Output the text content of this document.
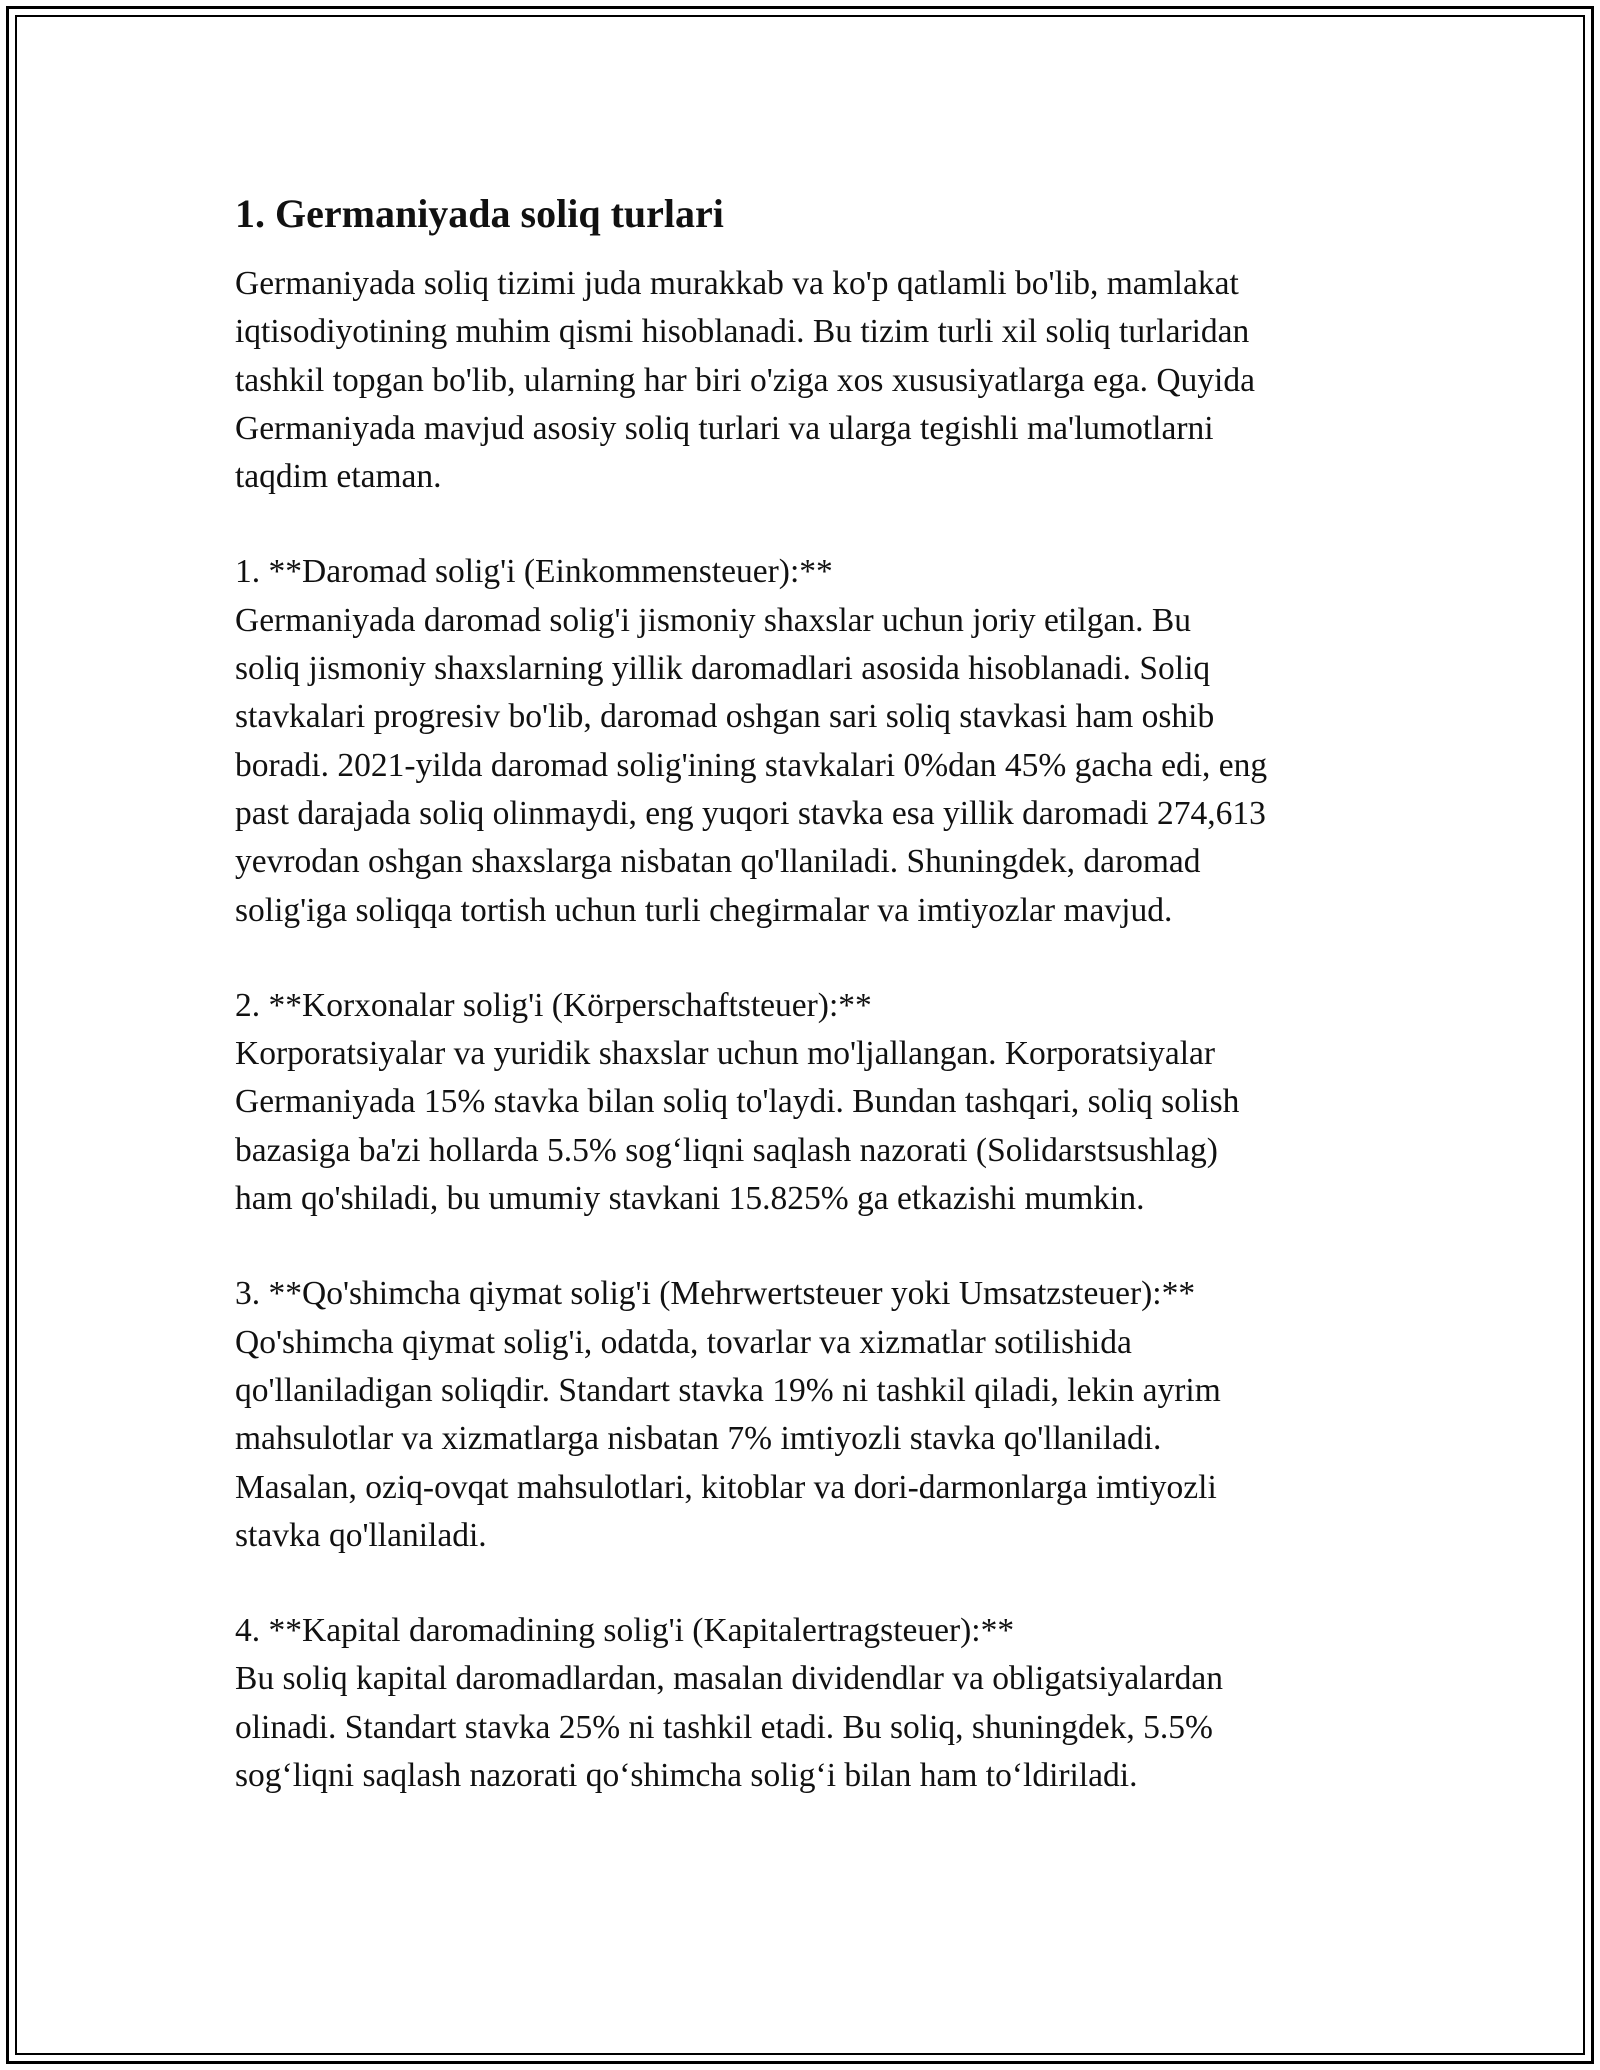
1. Germaniyada soliq turlari

Germaniyada soliq tizimi juda murakkab va ko'p qatlamli bo'lib, mamlakat
iqtisodiyotining muhim qismi hisoblanadi. Bu tizim turli xil soliq turlaridan
tashkil topgan bo'lib, ularning har biri o'ziga xos xususiyatlarga ega. Quyida
Germaniyada mavjud asosiy soliq turlari va ularga tegishli ma'lumotlarni
taqdim etaman.

1. **Daromad solig'i (Einkommensteuer):**

Germaniyada daromad solig'i jismoniy shaxslar uchun joriy etilgan. Bu
soliq jismoniy shaxslarning yillik daromadlari asosida hisoblanadi. Soliq
stavkalari progresiv bo'lib, daromad oshgan sari soliq stavkasi ham oshib
boradi. 2021-yilda daromad solig'ining stavkalari 0%dan 45% gacha edi, eng
past darajada soliq olinmaydi, eng yuqori stavka esa yillik daromadi 274,613
yevrodan oshgan shaxslarga nisbatan qo'llaniladi. Shuningdek, daromad
solig'iga soliqqa tortish uchun turli chegirmalar va imtiyozlar mavjud.

2. **Korxonalar solig'i (Körperschaftsteuer):**

Korporatsiyalar va yuridik shaxslar uchun mo'ljallangan. Korporatsiyalar
Germaniyada 15% stavka bilan soliq to'laydi. Bundan tashqari, soliq solish
bazasiga ba'zi hollarda 5.5% sog‘liqni saqlash nazorati (Solidarstsushlag)
ham qo'shiladi, bu umumiy stavkani 15.825% ga etkazishi mumkin.

3. **Qo'shimcha qiymat solig'i (Mehrwertsteuer yoki Umsatzsteuer):**

Qo'shimcha qiymat solig'i, odatda, tovarlar va xizmatlar sotilishida
qo'llaniladigan soliqdir. Standart stavka 19% ni tashkil qiladi, lekin ayrim
mahsulotlar va xizmatlarga nisbatan 7% imtiyozli stavka qo'llaniladi.
Masalan, oziq-ovqat mahsulotlari, kitoblar va dori-darmonlarga imtiyozli
stavka qo'llaniladi.

4. **Kapital daromadining solig'i (Kapitalertragsteuer):**

Bu soliq kapital daromadlardan, masalan dividendlar va obligatsiyalardan
olinadi. Standart stavka 25% ni tashkil etadi. Bu soliq, shuningdek, 5.5%
sog‘liqni saqlash nazorati qo‘shimcha solig‘i bilan ham to‘ldiriladi.
